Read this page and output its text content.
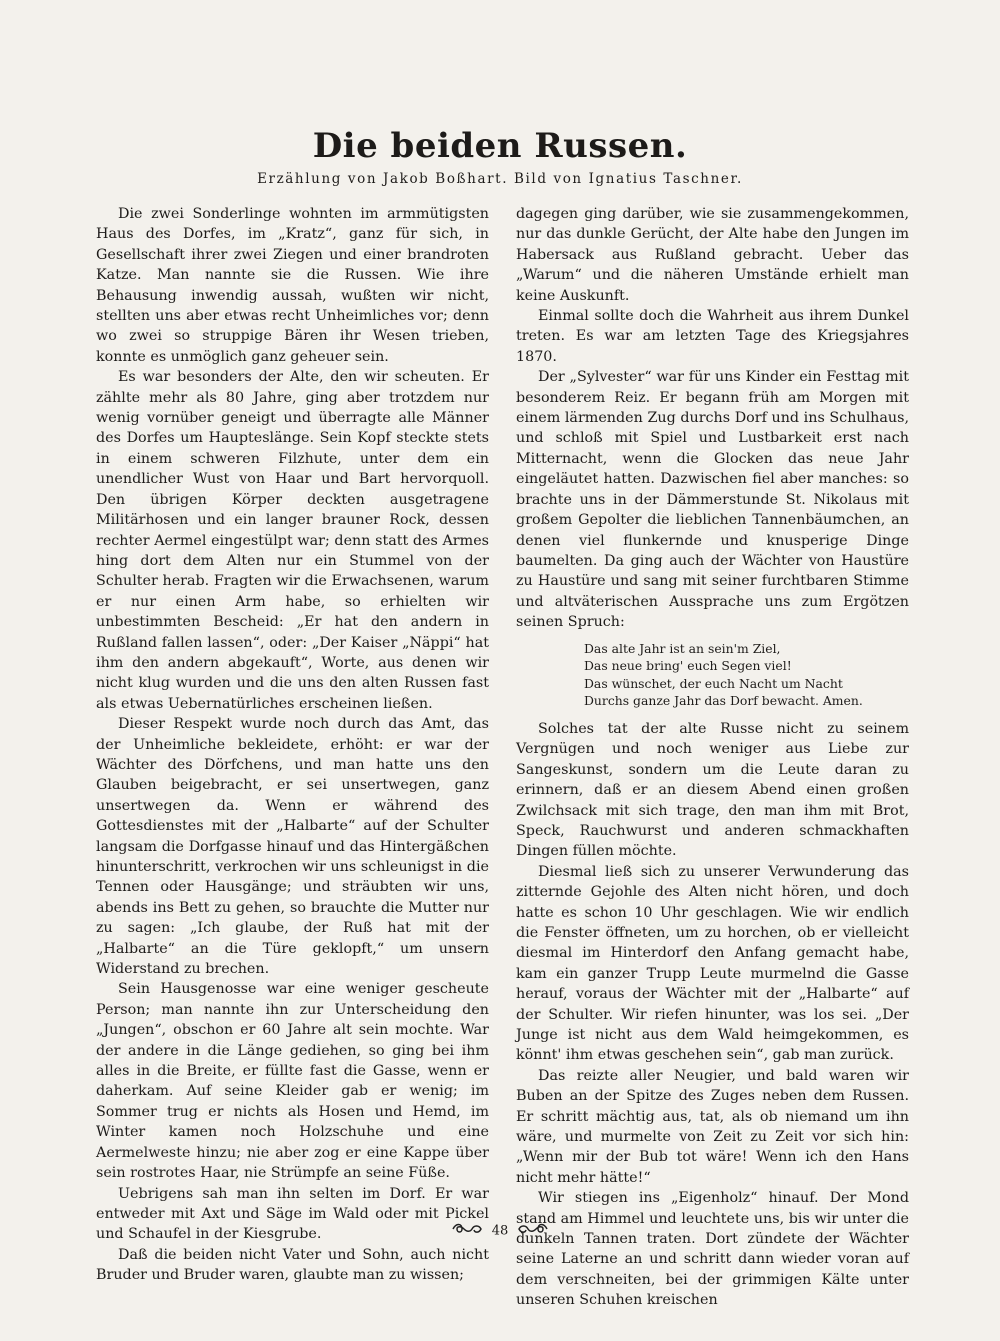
Die beiden Russen.
Erzählung von Jakob Boßhart. Bild von Ignatius Taschner.

Die zwei Sonderlinge wohnten im armmütigsten Haus des Dorfes, im „Kratz“, ganz für sich, in Gesellschaft ihrer zwei Ziegen und einer brandroten Katze. Man nannte sie die Russen. Wie ihre Behausung inwendig aussah, wußten wir nicht, stellten uns aber etwas recht Unheimliches vor; denn wo zwei so struppige Bären ihr Wesen trieben, konnte es unmöglich ganz geheuer sein.

Es war besonders der Alte, den wir scheuten. Er zählte mehr als 80 Jahre, ging aber trotzdem nur wenig vornüber geneigt und überragte alle Männer des Dorfes um Haupteslänge. Sein Kopf steckte stets in einem schweren Filzhute, unter dem ein unendlicher Wust von Haar und Bart hervorquoll. Den übrigen Körper deckten ausgetragene Militärhosen und ein langer brauner Rock, dessen rechter Aermel eingestülpt war; denn statt des Armes hing dort dem Alten nur ein Stummel von der Schulter herab. Fragten wir die Erwachsenen, warum er nur einen Arm habe, so erhielten wir unbestimmten Bescheid: „Er hat den andern in Rußland fallen lassen“, oder: „Der Kaiser „Näppi“ hat ihm den andern abgekauft“, Worte, aus denen wir nicht klug wurden und die uns den alten Russen fast als etwas Uebernatürliches erscheinen ließen.

Dieser Respekt wurde noch durch das Amt, das der Unheimliche bekleidete, erhöht: er war der Wächter des Dörfchens, und man hatte uns den Glauben beigebracht, er sei unsertwegen, ganz unsertwegen da. Wenn er während des Gottesdienstes mit der „Halbarte“ auf der Schulter langsam die Dorfgasse hinauf und das Hintergäßchen hinunterschritt, verkrochen wir uns schleunigst in die Tennen oder Hausgänge; und sträubten wir uns, abends ins Bett zu gehen, so brauchte die Mutter nur zu sagen: „Ich glaube, der Ruß hat mit der „Halbarte“ an die Türe geklopft,“ um unsern Widerstand zu brechen.

Sein Hausgenosse war eine weniger gescheute Person; man nannte ihn zur Unterscheidung den „Jungen“, obschon er 60 Jahre alt sein mochte. War der andere in die Länge gediehen, so ging bei ihm alles in die Breite, er füllte fast die Gasse, wenn er daherkam. Auf seine Kleider gab er wenig; im Sommer trug er nichts als Hosen und Hemd, im Winter kamen noch Holzschuhe und eine Aermelweste hinzu; nie aber zog er eine Kappe über sein rostrotes Haar, nie Strümpfe an seine Füße.

Uebrigens sah man ihn selten im Dorf. Er war entweder mit Axt und Säge im Wald oder mit Pickel und Schaufel in der Kiesgrube.

Daß die beiden nicht Vater und Sohn, auch nicht Bruder und Bruder waren, glaubte man zu wissen;

dagegen ging darüber, wie sie zusammengekommen, nur das dunkle Gerücht, der Alte habe den Jungen im Habersack aus Rußland gebracht. Ueber das „Warum“ und die näheren Umstände erhielt man keine Auskunft.

Einmal sollte doch die Wahrheit aus ihrem Dunkel treten. Es war am letzten Tage des Kriegsjahres 1870.

Der „Sylvester“ war für uns Kinder ein Festtag mit besonderem Reiz. Er begann früh am Morgen mit einem lärmenden Zug durchs Dorf und ins Schulhaus, und schloß mit Spiel und Lustbarkeit erst nach Mitternacht, wenn die Glocken das neue Jahr eingeläutet hatten. Dazwischen fiel aber manches: so brachte uns in der Dämmerstunde St. Nikolaus mit großem Gepolter die lieblichen Tannenbäumchen, an denen viel flunkernde und knusperige Dinge baumelten. Da ging auch der Wächter von Haustüre zu Haustüre und sang mit seiner furchtbaren Stimme und altväterischen Aussprache uns zum Ergötzen seinen Spruch:

Das alte Jahr ist an sein'm Ziel,
Das neue bring' euch Segen viel!
Das wünschet, der euch Nacht um Nacht
Durchs ganze Jahr das Dorf bewacht. Amen.

Solches tat der alte Russe nicht zu seinem Vergnügen und noch weniger aus Liebe zur Sangeskunst, sondern um die Leute daran zu erinnern, daß er an diesem Abend einen großen Zwilchsack mit sich trage, den man ihm mit Brot, Speck, Rauchwurst und anderen schmackhaften Dingen füllen möchte.

Diesmal ließ sich zu unserer Verwunderung das zitternde Gejohle des Alten nicht hören, und doch hatte es schon 10 Uhr geschlagen. Wie wir endlich die Fenster öffneten, um zu horchen, ob er vielleicht diesmal im Hinterdorf den Anfang gemacht habe, kam ein ganzer Trupp Leute murmelnd die Gasse herauf, voraus der Wächter mit der „Halbarte“ auf der Schulter. Wir riefen hinunter, was los sei. „Der Junge ist nicht aus dem Wald heimgekommen, es könnt' ihm etwas geschehen sein“, gab man zurück.

Das reizte aller Neugier, und bald waren wir Buben an der Spitze des Zuges neben dem Russen. Er schritt mächtig aus, tat, als ob niemand um ihn wäre, und murmelte von Zeit zu Zeit vor sich hin: „Wenn mir der Bub tot wäre! Wenn ich den Hans nicht mehr hätte!“

Wir stiegen ins „Eigenholz“ hinauf. Der Mond stand am Himmel und leuchtete uns, bis wir unter die dunkeln Tannen traten. Dort zündete der Wächter seine Laterne an und schritt dann wieder voran auf dem verschneiten, bei der grimmigen Kälte unter unseren Schuhen kreischen

48
